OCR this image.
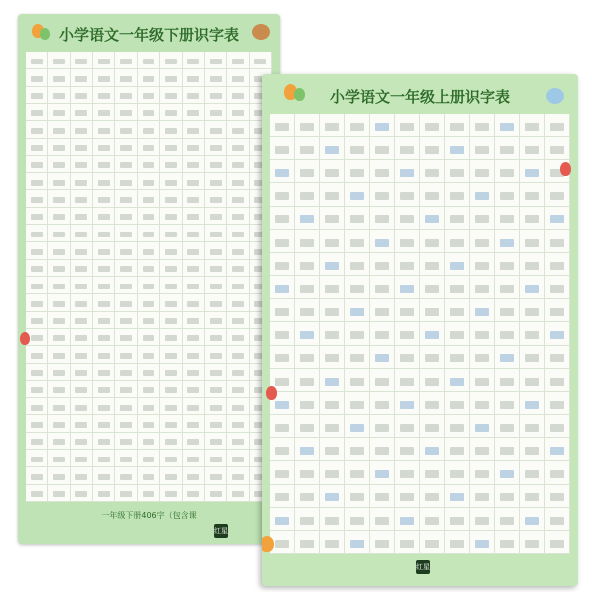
小学语文一年级下册识字表
一年级下册406字（包含课
红星
小学语文一年级上册识字表
红星
